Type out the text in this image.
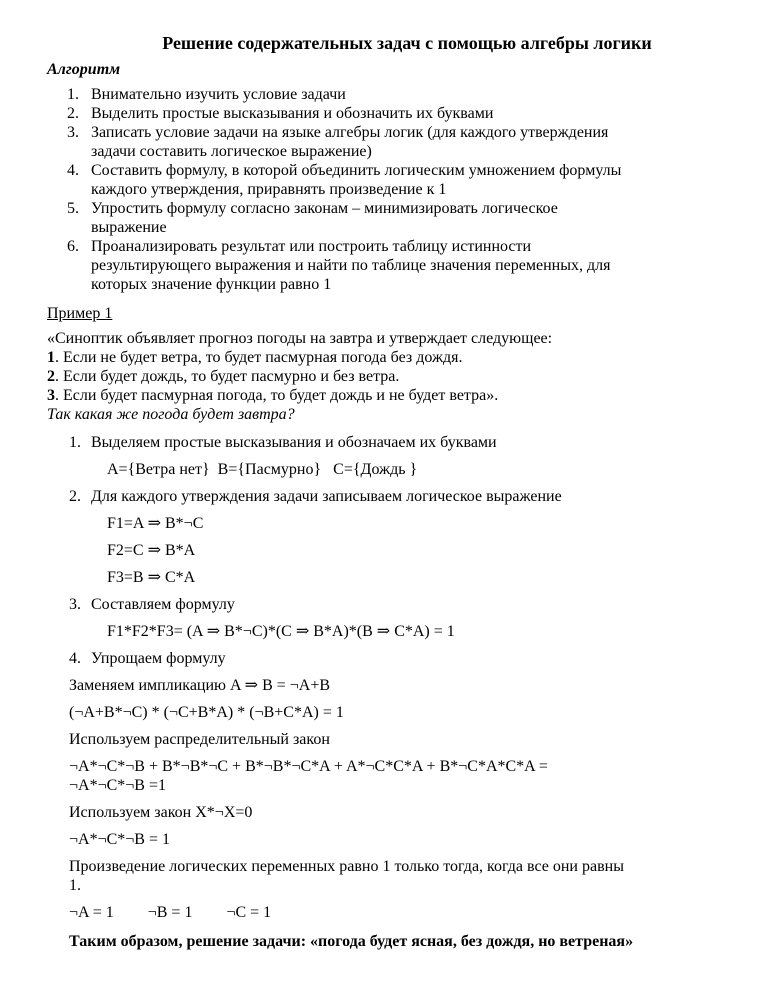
Решение содержательных задач с помощью алгебры логики
Алгоритм
1. Внимательно изучить условие задачи
2. Выделить простые высказывания и обозначить их буквами
3. Записать условие задачи на языке алгебры логик (для каждого утверждения
задачи составить логическое выражение)
4. Составить формулу, в которой объединить логическим умножением формулы
каждого утверждения, приравнять произведение к 1
5. Упростить формулу согласно законам – минимизировать логическое
выражение
6. Проанализировать результат или построить таблицу истинности
результирующего выражения и найти по таблице значения переменных, для
которых значение функции равно 1
Пример 1

«Синоптик объявляет прогноз погоды на завтра и утверждает следующее:

1. Если не будет ветра, то будет пасмурная погода без дождя.

2. Если будет дождь, то будет пасмурно и без ветра.

3. Если будет пасмурная погода, то будет дождь и не будет ветра».

Так какая же погода будет завтра?

1. Выделяем простые высказывания и обозначаем их буквами
A={Ветра нет} B={Пасмурно} C={Дождь }
2. Для каждого утверждения задачи записываем логическое выражение
F1=A ⇒ B*¬C
F2=C ⇒ B*A
F3=B ⇒ C*A
3. Составляем формулу
F1*F2*F3= (A ⇒ B*¬C)*(C ⇒ B*A)*(B ⇒ C*A) = 1
4. Упрощаем формулу
Заменяем импликацию A ⇒ B = ¬A+B
(¬A+B*¬C) * (¬C+B*A) * (¬B+C*A) = 1
Используем распределительный закон
¬A*¬C*¬B + B*¬B*¬C + B*¬B*¬C*A + A*¬C*C*A + B*¬C*A*C*A =
¬A*¬C*¬B =1
Используем закон X*¬X=0
¬A*¬C*¬B = 1
Произведение логических переменных равно 1 только тогда, когда все они равны
1.
¬A = 1 ¬B = 1 ¬C = 1
Таким образом, решение задачи: «погода будет ясная, без дождя, но ветреная»
